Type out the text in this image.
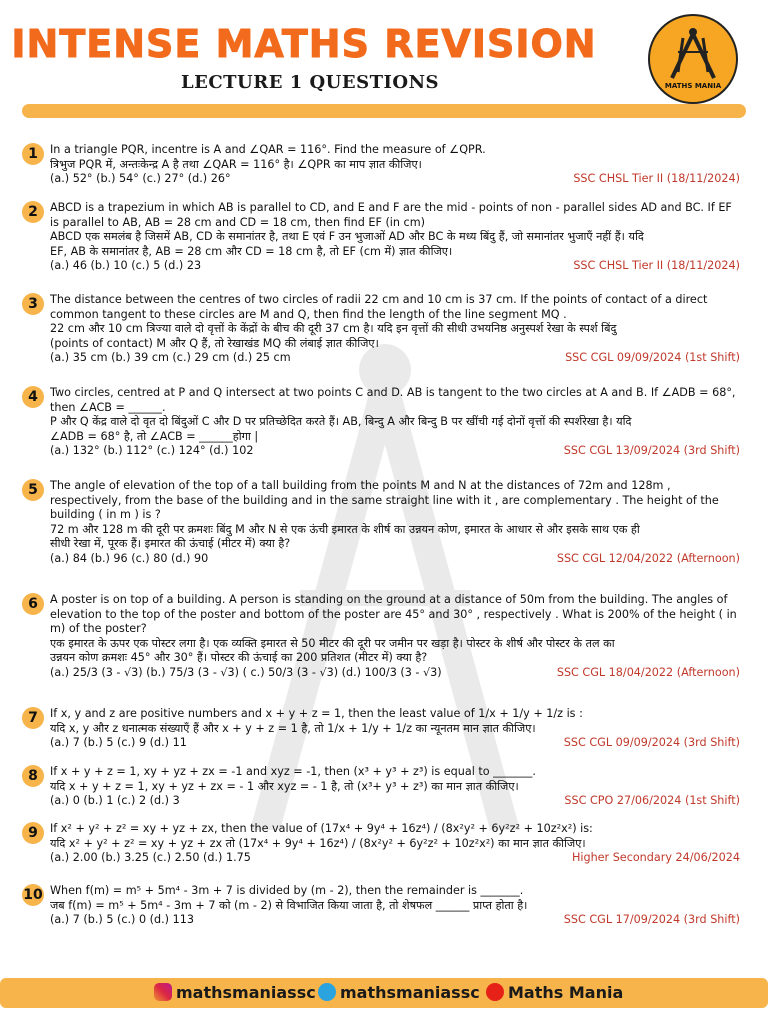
INTENSE MATHS REVISION
LECTURE 1 QUESTIONS	MATHS MANIA
1	In a triangle PQR, incentre is A and ∠QAR = 116°. Find the measure of ∠QPR.
त्रिभुज PQR में, अन्तःकेन्द्र A है तथा ∠QAR = 116° है। ∠QPR का माप ज्ञात कीजिए।
(a.) 52° (b.) 54° (c.) 27° (d.) 26°	SSC CHSL Tier II (18/11/2024)
2	ABCD is a trapezium in which AB is parallel to CD, and E and F are the mid - points of non - parallel sides AD and BC. If EF
is parallel to AB, AB = 28 cm and CD = 18 cm, then find EF (in cm)
ABCD एक समलंब है जिसमें AB, CD के समानांतर है, तथा E एवं F उन भुजाओं AD और BC के मध्य बिंदु हैं, जो समानांतर भुजाएँ नहीं हैं। यदि
EF, AB के समानांतर है, AB = 28 cm और CD = 18 cm है, तो EF (cm में) ज्ञात कीजिए।
(a.) 46 (b.) 10 (c.) 5 (d.) 23	SSC CHSL Tier II (18/11/2024)
3	The distance between the centres of two circles of radii 22 cm and 10 cm is 37 cm. If the points of contact of a direct
common tangent to these circles are M and Q, then find the length of the line segment MQ .
22 cm और 10 cm त्रिज्या वाले दो वृत्तों के केंद्रों के बीच की दूरी 37 cm है। यदि इन वृत्तों की सीधी उभयनिष्ठ अनुस्पर्श रेखा के स्पर्श बिंदु
(points of contact) M और Q हैं, तो रेखाखंड MQ की लंबाई ज्ञात कीजिए।
(a.) 35 cm (b.) 39 cm (c.) 29 cm (d.) 25 cm	SSC CGL 09/09/2024 (1st Shift)
4	Two circles, centred at P and Q intersect at two points C and D. AB is tangent to the two circles at A and B. If ∠ADB = 68°,
then ∠ACB = ______.
P और Q केंद्र वाले दो वृत दो बिंदुओं C और D पर प्रतिच्छेदित करते हैं। AB, बिन्दु A और बिन्दु B पर खींची गई दोनों वृत्तों की स्पर्शरेखा है। यदि
∠ADB = 68° है, तो ∠ACB = ______होगा |
(a.) 132° (b.) 112° (c.) 124° (d.) 102	SSC CGL 13/09/2024 (3rd Shift)
5	The angle of elevation of the top of a tall building from the points M and N at the distances of 72m and 128m ,
respectively, from the base of the building and in the same straight line with it , are complementary . The height of the
building ( in m ) is ?
72 m और 128 m की दूरी पर क्रमशः बिंदु M और N से एक ऊंची इमारत के शीर्ष का उन्नयन कोण, इमारत के आधार से और इसके साथ एक ही
सीधी रेखा में, पूरक हैं। इमारत की ऊंचाई (मीटर में) क्या है?
(a.) 84 (b.) 96 (c.) 80 (d.) 90	SSC CGL 12/04/2022 (Afternoon)
6	A poster is on top of a building. A person is standing on the ground at a distance of 50m from the building. The angles of
elevation to the top of the poster and bottom of the poster are 45° and 30° , respectively . What is 200% of the height ( in
m) of the poster?
एक इमारत के ऊपर एक पोस्टर लगा है। एक व्यक्ति इमारत से 50 मीटर की दूरी पर जमीन पर खड़ा है। पोस्टर के शीर्ष और पोस्टर के तल का
उन्नयन कोण क्रमशः 45° और 30° हैं। पोस्टर की ऊंचाई का 200 प्रतिशत (मीटर में) क्या है?
(a.) 25/3 (3 - √3) (b.) 75/3 (3 - √3) ( c.) 50/3 (3 - √3) (d.) 100/3 (3 - √3)	SSC CGL 18/04/2022 (Afternoon)
7	If x, y and z are positive numbers and x + y + z = 1, then the least value of 1/x + 1/y + 1/z is :
यदि x, y और z धनात्मक संख्याएँ हैं और x + y + z = 1 है, तो 1/x + 1/y + 1/z का न्यूनतम मान ज्ञात कीजिए।
(a.) 7 (b.) 5 (c.) 9 (d.) 11	SSC CGL 09/09/2024 (3rd Shift)
8	If x + y + z = 1, xy + yz + zx = -1 and xyz = -1, then (x³ + y³ + z³) is equal to _______.
यदि x + y + z = 1, xy + yz + zx = - 1 और xyz = - 1 है, तो (x³+ y³ + z³) का मान ज्ञात कीजिए।
(a.) 0 (b.) 1 (c.) 2 (d.) 3	SSC CPO 27/06/2024 (1st Shift)
9	If x² + y² + z² = xy + yz + zx, then the value of (17x⁴ + 9y⁴ + 16z⁴) / (8x²y² + 6y²z² + 10z²x²) is:
यदि x² + y² + z² = xy + yz + zx तो (17x⁴ + 9y⁴ + 16z⁴) / (8x²y² + 6y²z² + 10z²x²) का मान ज्ञात कीजिए।
(a.) 2.00 (b.) 3.25 (c.) 2.50 (d.) 1.75	Higher Secondary 24/06/2024
10 When f(m) = m⁵ + 5m⁴ - 3m + 7 is divided by (m - 2), then the remainder is _______.
जब f(m) = m⁵ + 5m⁴ - 3m + 7 को (m - 2) से विभाजित किया जाता है, तो शेषफल ______ प्राप्त होता है।
(a.) 7 (b.) 5 (c.) 0 (d.) 113	SSC CGL 17/09/2024 (3rd Shift)
mathsmaniassc	mathsmaniassc	Maths Mania
